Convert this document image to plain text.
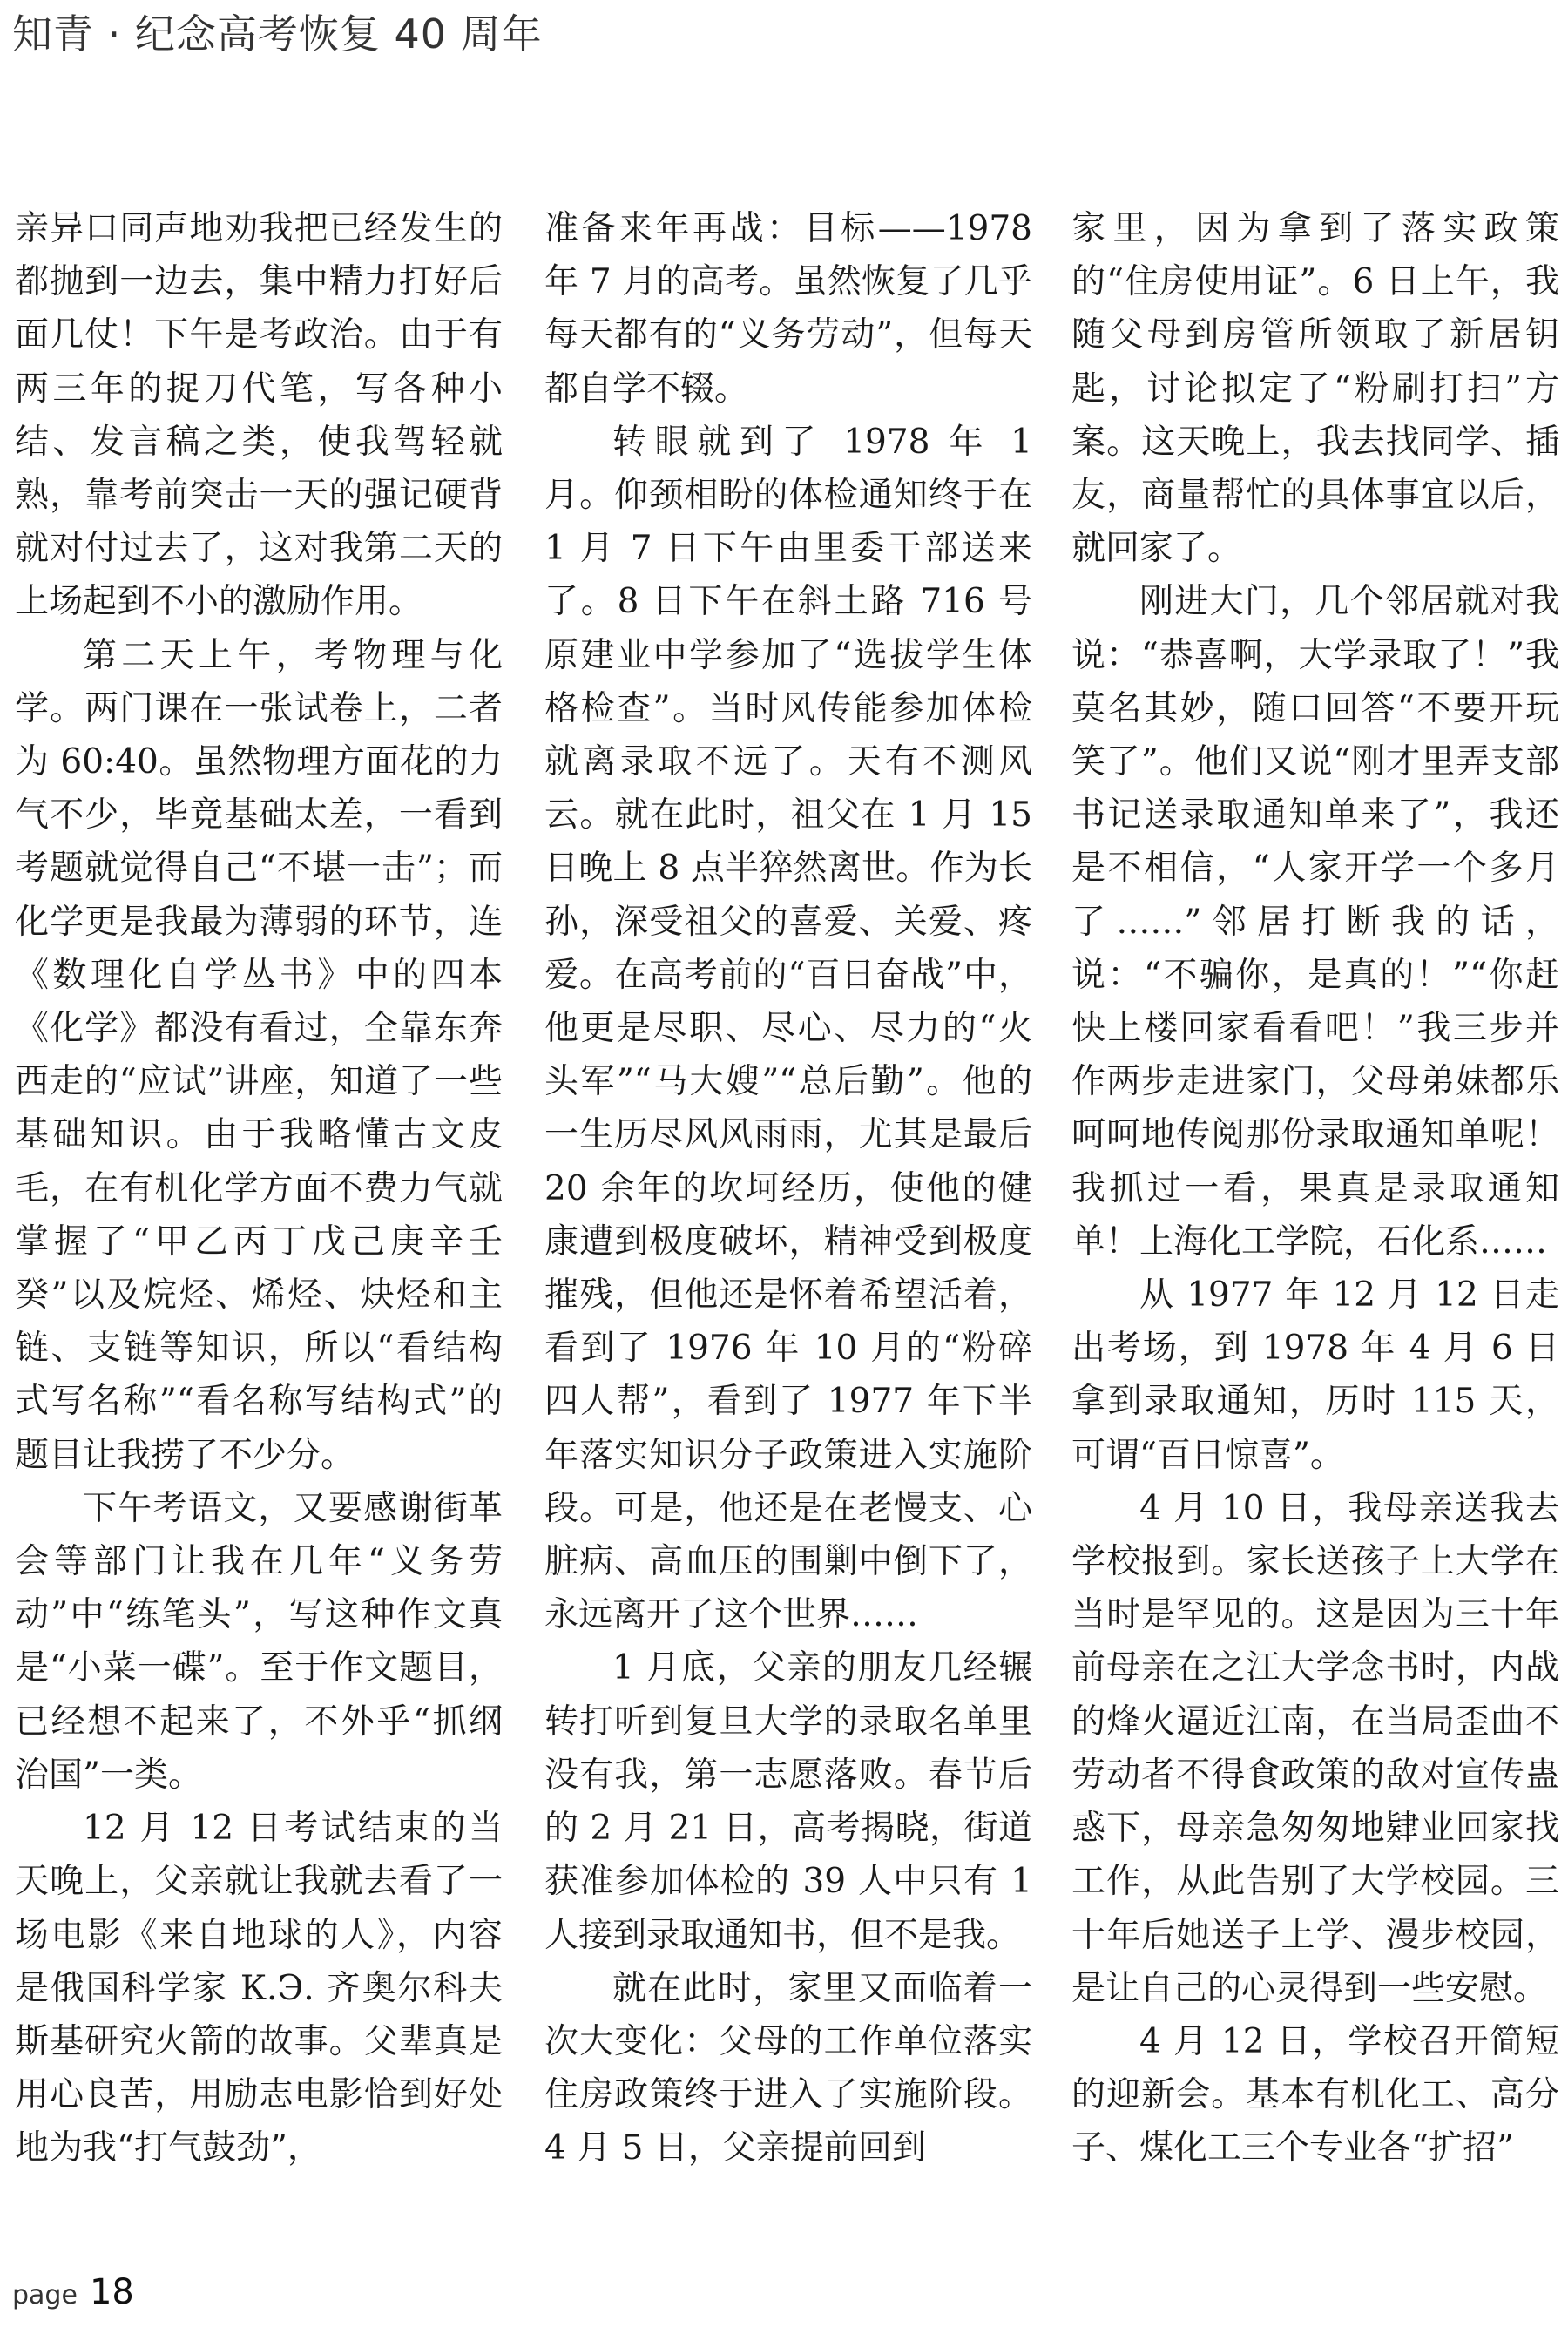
知青 · 纪念高考恢复 40 周年

亲异口同声地劝我把已经发生的都抛到一边去，集中精力打好后面几仗！下午是考政治。由于有两三年的捉刀代笔，写各种小结、发言稿之类，使我驾轻就熟，靠考前突击一天的强记硬背就对付过去了，这对我第二天的上场起到不小的激励作用。

第二天上午，考物理与化学。两门课在一张试卷上，二者为 60:40。虽然物理方面花的力气不少，毕竟基础太差，一看到考题就觉得自己“不堪一击”；而化学更是我最为薄弱的环节，连《数理化自学丛书》中的四本《化学》都没有看过，全靠东奔西走的“应试”讲座，知道了一些基础知识。由于我略懂古文皮毛，在有机化学方面不费力气就掌握了“甲乙丙丁戊己庚辛壬癸”以及烷烃、烯烃、炔烃和主链、支链等知识，所以“看结构式写名称”“看名称写结构式”的题目让我捞了不少分。

下午考语文，又要感谢街革会等部门让我在几年“义务劳动”中“练笔头”，写这种作文真是“小菜一碟”。至于作文题目，已经想不起来了，不外乎“抓纲治国”一类。

12 月 12 日考试结束的当天晚上，父亲就让我就去看了一场电影《来自地球的人》，内容是俄国科学家 К.Э. 齐奥尔科夫斯基研究火箭的故事。父辈真是用心良苦，用励志电影恰到好处地为我“打气鼓劲”，

准备来年再战：目标——1978 年 7 月的高考。虽然恢复了几乎每天都有的“义务劳动”，但每天都自学不辍。

转眼就到了 1978 年 1 月。仰颈相盼的体检通知终于在 1 月 7 日下午由里委干部送来了。8 日下午在斜土路 716 号原建业中学参加了“选拔学生体格检查”。当时风传能参加体检就离录取不远了。天有不测风云。就在此时，祖父在 1 月 15 日晚上 8 点半猝然离世。作为长孙，深受祖父的喜爱、关爱、疼爱。在高考前的“百日奋战”中，他更是尽职、尽心、尽力的“火头军”“马大嫂”“总后勤”。他的一生历尽风风雨雨，尤其是最后 20 余年的坎坷经历，使他的健康遭到极度破坏，精神受到极度摧残，但他还是怀着希望活着，看到了 1976 年 10 月的“粉碎四人帮”，看到了 1977 年下半年落实知识分子政策进入实施阶段。可是，他还是在老慢支、心脏病、高血压的围剿中倒下了，永远离开了这个世界……

1 月底，父亲的朋友几经辗转打听到复旦大学的录取名单里没有我，第一志愿落败。春节后的 2 月 21 日，高考揭晓，街道获准参加体检的 39 人中只有 1 人接到录取通知书，但不是我。

就在此时，家里又面临着一次大变化：父母的工作单位落实住房政策终于进入了实施阶段。4 月 5 日，父亲提前回到

家里，因为拿到了落实政策的“住房使用证”。6 日上午，我随父母到房管所领取了新居钥匙，讨论拟定了“粉刷打扫”方案。这天晚上，我去找同学、插友，商量帮忙的具体事宜以后，就回家了。

刚进大门，几个邻居就对我说：“恭喜啊，大学录取了！”我莫名其妙，随口回答“不要开玩笑了”。他们又说“刚才里弄支部书记送录取通知单来了”，我还是不相信，“人家开学一个多月了……”邻居打断我的话，说：“不骗你，是真的！”“你赶快上楼回家看看吧！”我三步并作两步走进家门，父母弟妹都乐呵呵地传阅那份录取通知单呢！我抓过一看，果真是录取通知单！上海化工学院，石化系……

从 1977 年 12 月 12 日走出考场，到 1978 年 4 月 6 日拿到录取通知，历时 115 天，可谓“百日惊喜”。

4 月 10 日，我母亲送我去学校报到。家长送孩子上大学在当时是罕见的。这是因为三十年前母亲在之江大学念书时，内战的烽火逼近江南，在当局歪曲不劳动者不得食政策的敌对宣传蛊惑下，母亲急匆匆地肄业回家找工作，从此告别了大学校园。三十年后她送子上学、漫步校园，是让自己的心灵得到一些安慰。

4 月 12 日，学校召开简短的迎新会。基本有机化工、高分子、煤化工三个专业各“扩招”

page 18
